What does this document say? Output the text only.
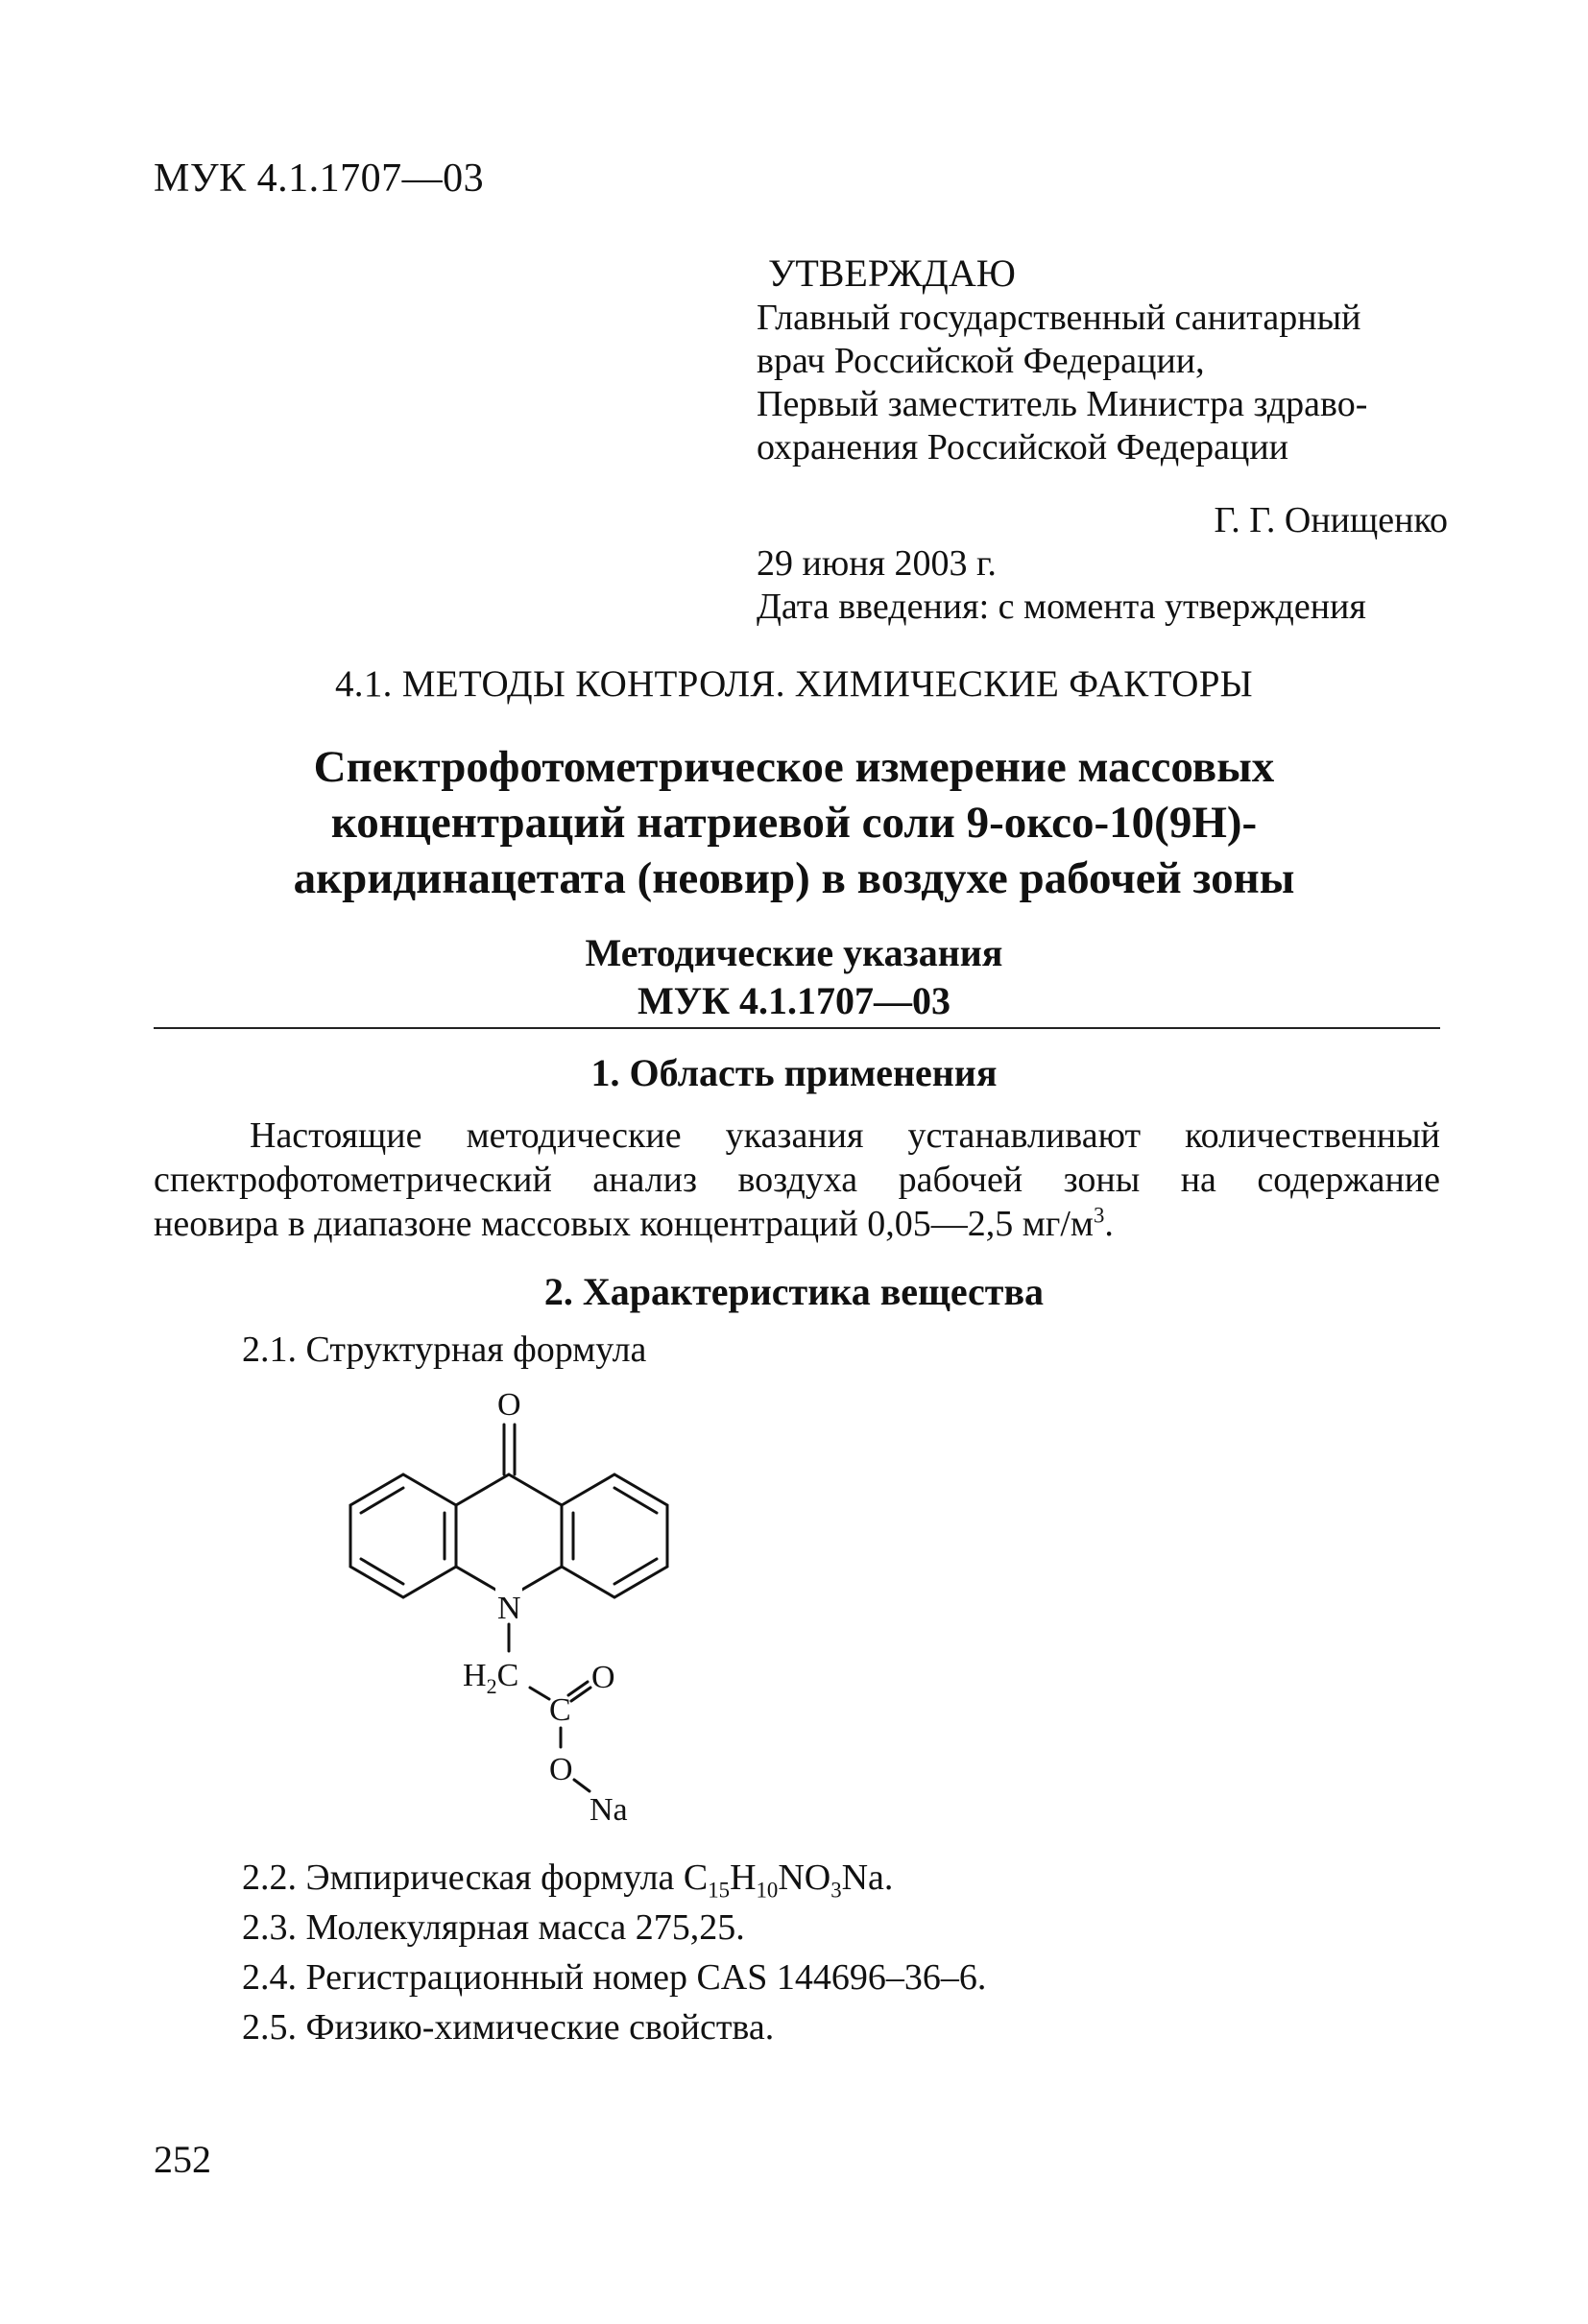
МУК 4.1.1707—03
УТВЕРЖДАЮ
Главный государственный санитарный
врач Российской Федерации,
Первый заместитель Министра здраво-
охранения Российской Федерации
Г. Г. Онищенко
29 июня 2003 г.
Дата введения: с момента утверждения
4.1. МЕТОДЫ КОНТРОЛЯ. ХИМИЧЕСКИЕ ФАКТОРЫ
Спектрофотометрическое измерение массовых
концентраций натриевой соли 9-оксо-10(9Н)-
акридинацетата (неовир) в воздухе рабочей зоны
Методические указания
МУК 4.1.1707—03
1. Область применения
Настоящие методические указания устанавливают количественный
спектрофотометрический анализ воздуха рабочей зоны на содержание
неовира в диапазоне массовых концентраций 0,05—2,5 $мг/м^3$.
2. Характеристика вещества
2.1. Структурная формула
O
N
$H_2C$
C
O
O
Na
2.2. Эмпирическая формула $C_{15}H_{10}NO_3Na$.
2.3. Молекулярная масса 275,25.
2.4. Регистрационный номер CAS 144696–36–6.
2.5. Физико-химические свойства.
252
